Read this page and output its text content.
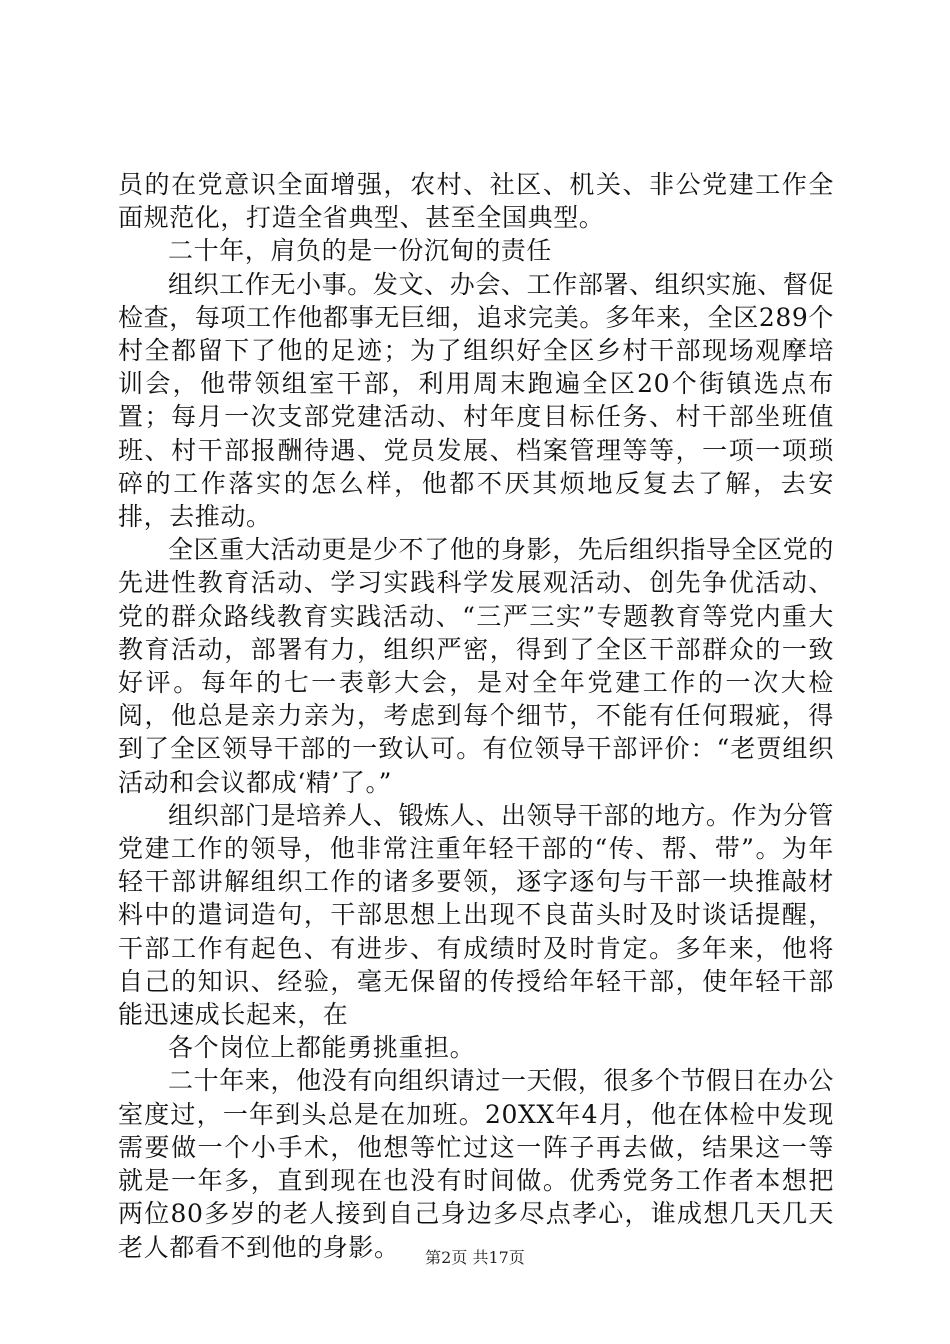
员的在党意识全面增强，农村、社区、机关、非公党建工作全面规范化，打造全省典型、甚至全国典型。

二十年，肩负的是一份沉甸的责任

组织工作无小事。发文、办会、工作部署、组织实施、督促检查，每项工作他都事无巨细，追求完美。多年来，全区289个村全都留下了他的足迹；为了组织好全区乡村干部现场观摩培训会，他带领组室干部，利用周末跑遍全区20个街镇选点布置；每月一次支部党建活动、村年度目标任务、村干部坐班值班、村干部报酬待遇、党员发展、档案管理等等，一项一项琐碎的工作落实的怎么样，他都不厌其烦地反复去了解，去安排，去推动。

全区重大活动更是少不了他的身影，先后组织指导全区党的先进性教育活动、学习实践科学发展观活动、创先争优活动、党的群众路线教育实践活动、“三严三实”专题教育等党内重大教育活动，部署有力，组织严密，得到了全区干部群众的一致好评。每年的七一表彰大会，是对全年党建工作的一次大检阅，他总是亲力亲为，考虑到每个细节，不能有任何瑕疵，得到了全区领导干部的一致认可。有位领导干部评价：“老贾组织活动和会议都成‘精’了。”

组织部门是培养人、锻炼人、出领导干部的地方。作为分管党建工作的领导，他非常注重年轻干部的“传、帮、带”。为年轻干部讲解组织工作的诸多要领，逐字逐句与干部一块推敲材料中的遣词造句，干部思想上出现不良苗头时及时谈话提醒，干部工作有起色、有进步、有成绩时及时肯定。多年来，他将自己的知识、经验，毫无保留的传授给年轻干部，使年轻干部能迅速成长起来，在

各个岗位上都能勇挑重担。

二十年来，他没有向组织请过一天假，很多个节假日在办公室度过，一年到头总是在加班。20XX年4月，他在体检中发现需要做一个小手术，他想等忙过这一阵子再去做，结果这一等就是一年多，直到现在也没有时间做。优秀党务工作者本想把两位80多岁的老人接到自己身边多尽点孝心，谁成想几天几天老人都看不到他的身影。	第2页 共17页
